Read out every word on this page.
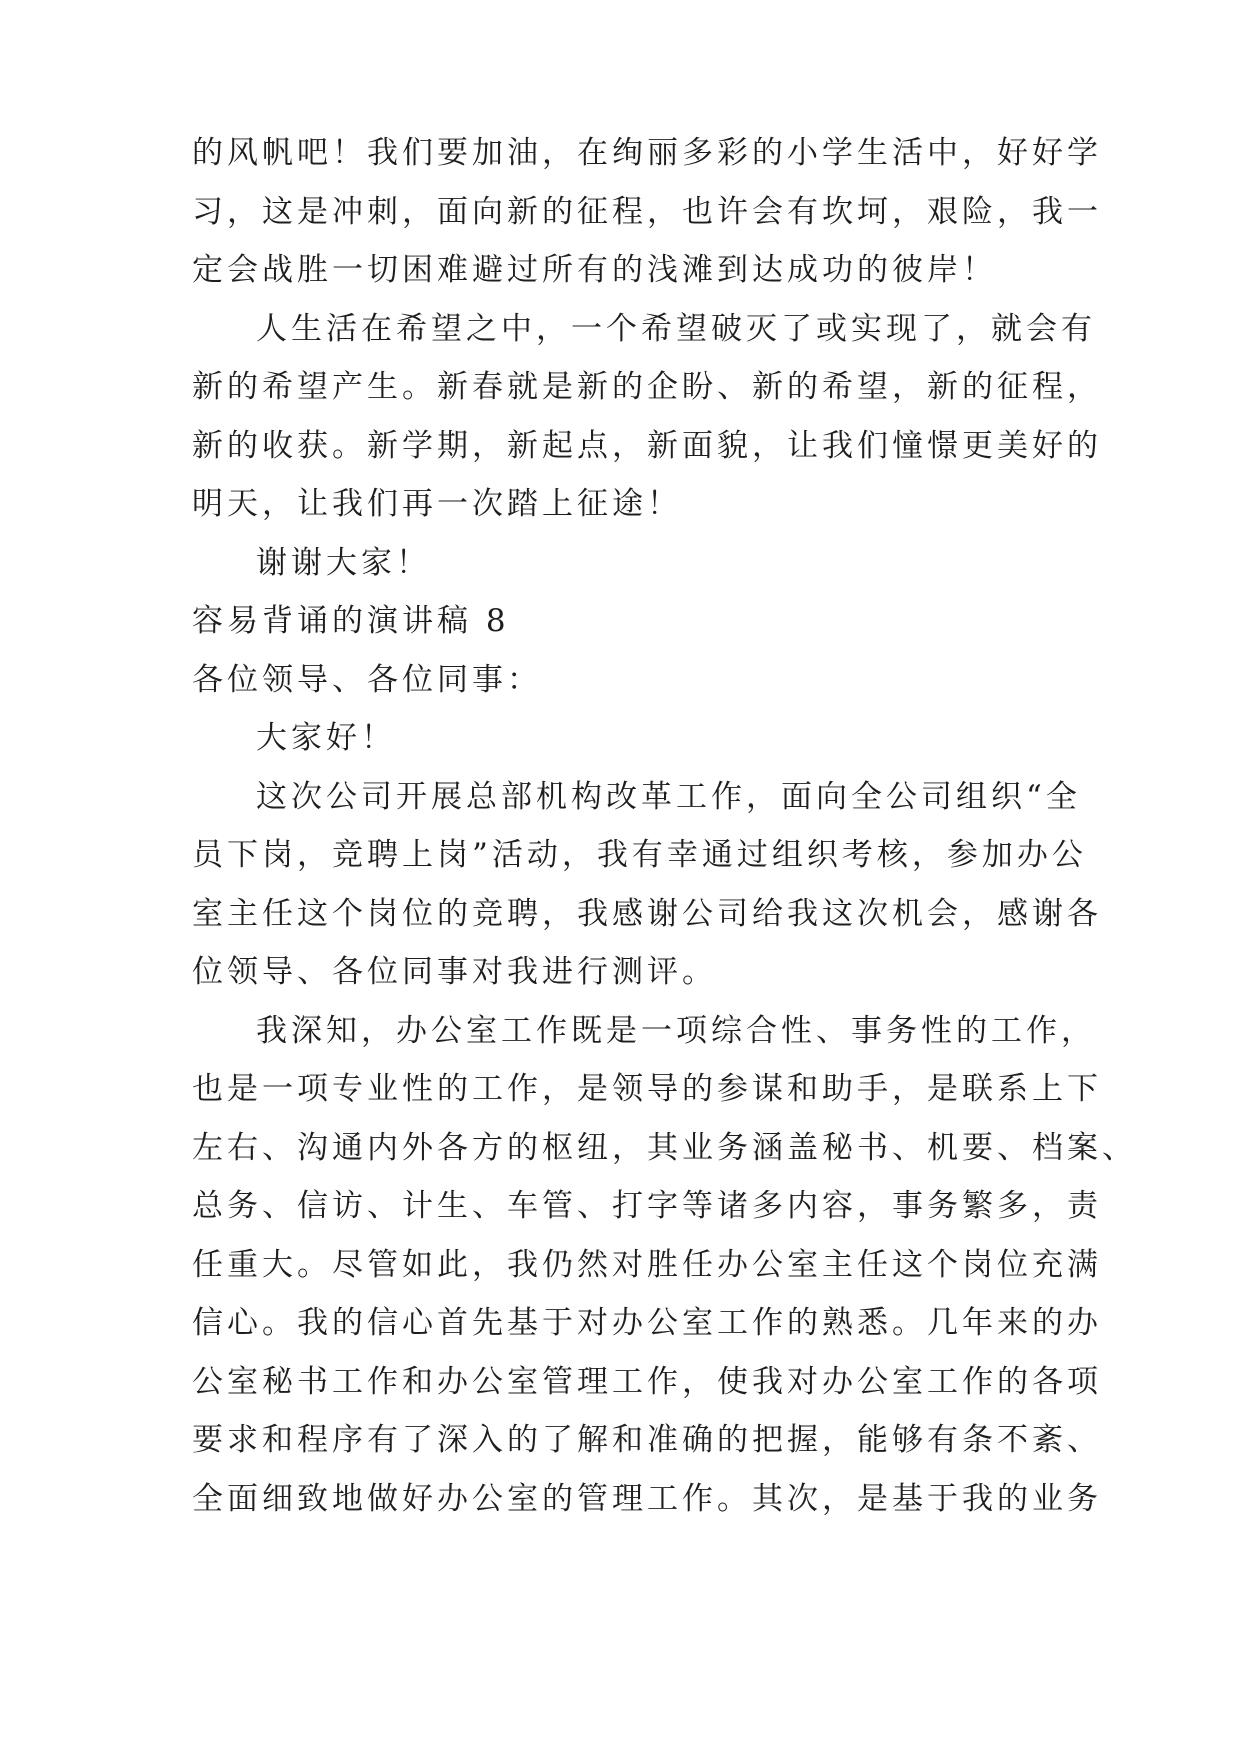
的风帆吧！我们要加油，在绚丽多彩的小学生活中，好好学
习，这是冲刺，面向新的征程，也许会有坎坷，艰险，我一
定会战胜一切困难避过所有的浅滩到达成功的彼岸！
人生活在希望之中，一个希望破灭了或实现了，就会有
新的希望产生。新春就是新的企盼、新的希望，新的征程，
新的收获。新学期，新起点，新面貌，让我们憧憬更美好的
明天，让我们再一次踏上征途！
谢谢大家！
容易背诵的演讲稿 8
各位领导、各位同事：
大家好！
这次公司开展总部机构改革工作，面向全公司组织“全
员下岗，竞聘上岗”活动，我有幸通过组织考核，参加办公
室主任这个岗位的竞聘，我感谢公司给我这次机会，感谢各
位领导、各位同事对我进行测评。
我深知，办公室工作既是一项综合性、事务性的工作，
也是一项专业性的工作，是领导的参谋和助手，是联系上下
左右、沟通内外各方的枢纽，其业务涵盖秘书、机要、档案、
总务、信访、计生、车管、打字等诸多内容，事务繁多，责
任重大。尽管如此，我仍然对胜任办公室主任这个岗位充满
信心。我的信心首先基于对办公室工作的熟悉。几年来的办
公室秘书工作和办公室管理工作，使我对办公室工作的各项
要求和程序有了深入的了解和准确的把握，能够有条不紊、
全面细致地做好办公室的管理工作。其次，是基于我的业务
